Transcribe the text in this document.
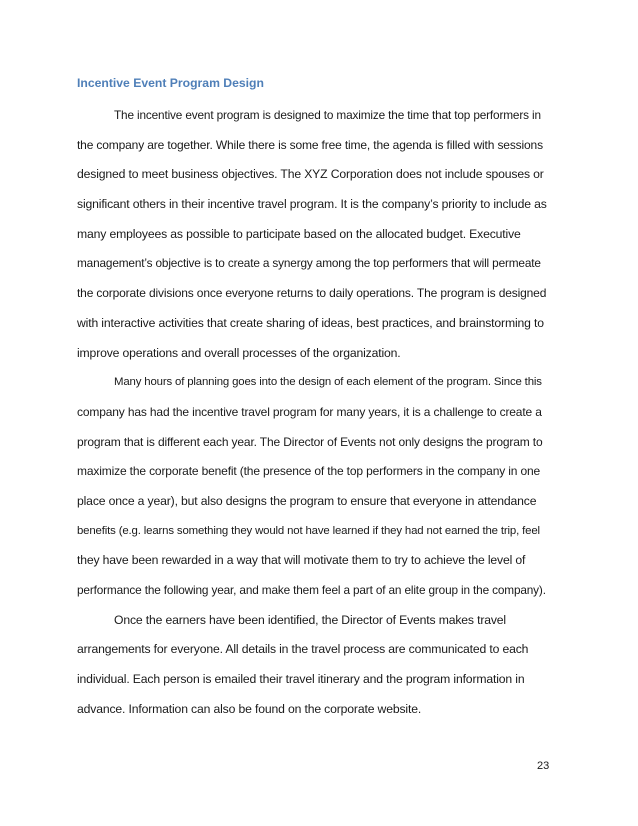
Incentive Event Program Design
The incentive event program is designed to maximize the time that top performers in
the company are together. While there is some free time, the agenda is filled with sessions
designed to meet business objectives. The XYZ Corporation does not include spouses or
significant others in their incentive travel program. It is the company’s priority to include as
many employees as possible to participate based on the allocated budget. Executive
management’s objective is to create a synergy among the top performers that will permeate
the corporate divisions once everyone returns to daily operations. The program is designed
with interactive activities that create sharing of ideas, best practices, and brainstorming to
improve operations and overall processes of the organization.
Many hours of planning goes into the design of each element of the program. Since this
company has had the incentive travel program for many years, it is a challenge to create a
program that is different each year. The Director of Events not only designs the program to
maximize the corporate benefit (the presence of the top performers in the company in one
place once a year), but also designs the program to ensure that everyone in attendance
benefits (e.g. learns something they would not have learned if they had not earned the trip, feel
they have been rewarded in a way that will motivate them to try to achieve the level of
performance the following year, and make them feel a part of an elite group in the company).
Once the earners have been identified, the Director of Events makes travel
arrangements for everyone. All details in the travel process are communicated to each
individual. Each person is emailed their travel itinerary and the program information in
advance. Information can also be found on the corporate website.
23
